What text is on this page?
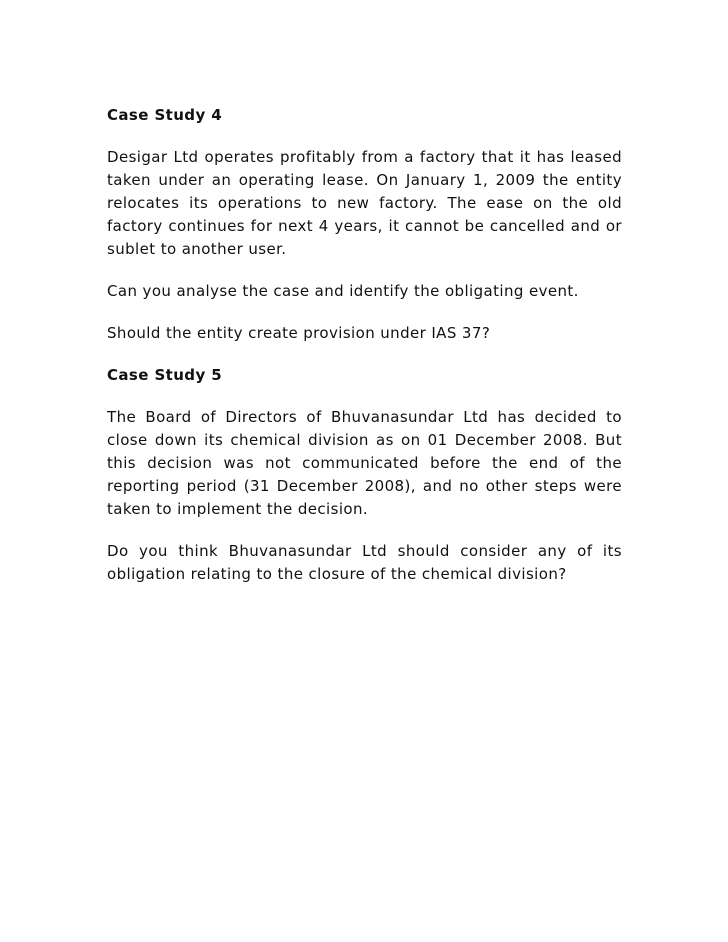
Case Study 4

Desigar Ltd operates profitably from a factory that it has leased taken under an operating lease. On January 1, 2009 the entity relocates its operations to new factory. The ease on the old factory continues for next 4 years, it cannot be cancelled and or sublet to another user.

Can you analyse the case and identify the obligating event.

Should the entity create provision under IAS 37?

Case Study 5

The Board of Directors of Bhuvanasundar Ltd has decided to close down its chemical division as on 01 December 2008. But this decision was not communicated before the end of the reporting period (31 December 2008), and no other steps were taken to implement the decision.

Do you think Bhuvanasundar Ltd should consider any of its obligation relating to the closure of the chemical division?
